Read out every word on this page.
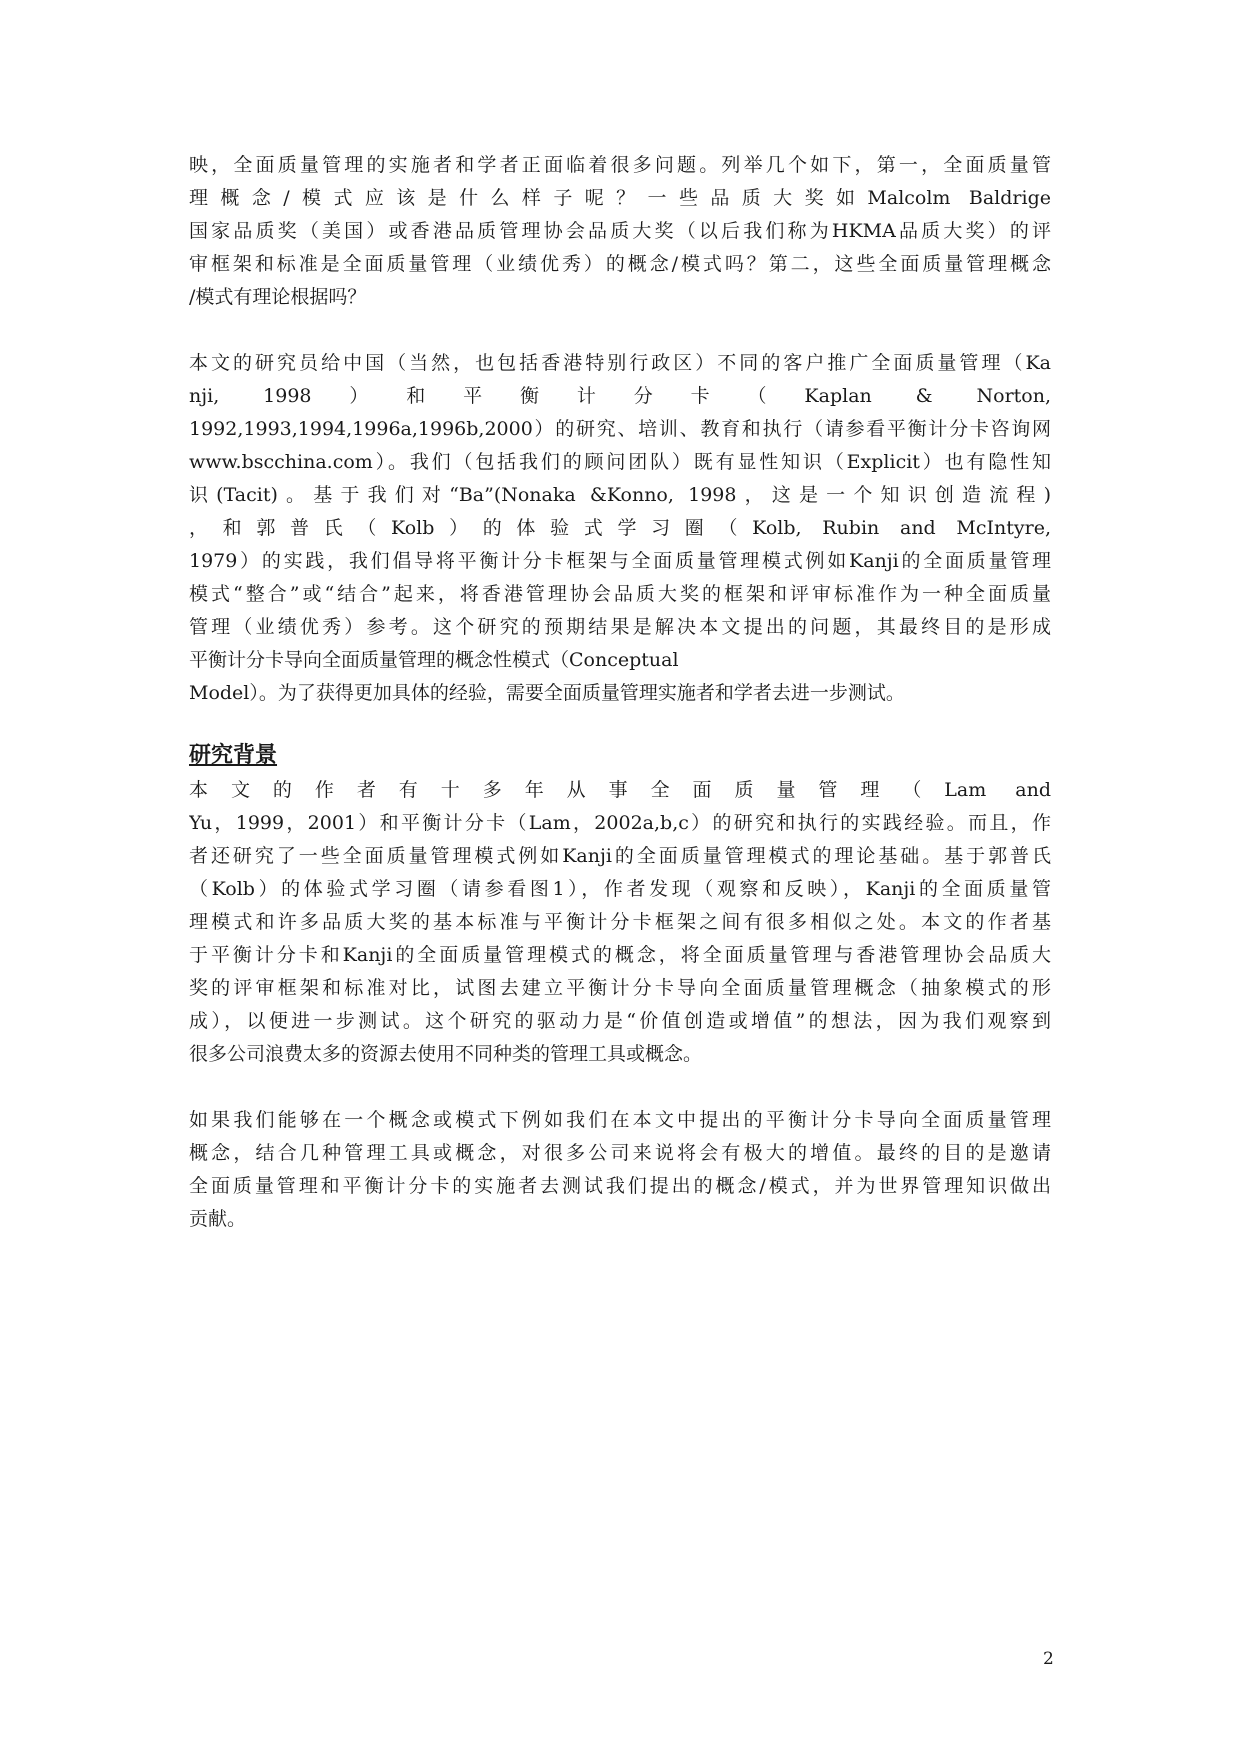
映，全面质量管理的实施者和学者正面临着很多问题。列举几个如下，第一，全面质量管
理概念/模式应该是什么样子呢？一些品质大奖如Malcolm Baldrige
国家品质奖（美国）或香港品质管理协会品质大奖（以后我们称为HKMA品质大奖）的评
审框架和标准是全面质量管理（业绩优秀）的概念/模式吗？第二，这些全面质量管理概念
/模式有理论根据吗？
本文的研究员给中国（当然，也包括香港特别行政区）不同的客户推广全面质量管理（Ka
nji, 1998）和平衡计分卡（Kaplan & Norton,
1992,1993,1994,1996a,1996b,2000）的研究、培训、教育和执行（请参看平衡计分卡咨询网
www.bscchina.com）。我们（包括我们的顾问团队）既有显性知识（Explicit）也有隐性知
识(Tacit)。基于我们对“Ba”(Nonaka &Konno, 1998，这是一个知识创造流程)
，和郭普氏（Kolb）的体验式学习圈（Kolb, Rubin and McIntyre,
1979）的实践，我们倡导将平衡计分卡框架与全面质量管理模式例如Kanji的全面质量管理
模式“整合”或“结合”起来，将香港管理协会品质大奖的框架和评审标准作为一种全面质量
管理（业绩优秀）参考。这个研究的预期结果是解决本文提出的问题，其最终目的是形成
平衡计分卡导向全面质量管理的概念性模式（Conceptual
Model）。为了获得更加具体的经验，需要全面质量管理实施者和学者去进一步测试。
研究背景
本文的作者有十多年从事全面质量管理（Lam and
Yu，1999，2001）和平衡计分卡（Lam，2002a,b,c）的研究和执行的实践经验。而且，作
者还研究了一些全面质量管理模式例如Kanji的全面质量管理模式的理论基础。基于郭普氏
（Kolb）的体验式学习圈（请参看图1），作者发现（观察和反映），Kanji的全面质量管
理模式和许多品质大奖的基本标准与平衡计分卡框架之间有很多相似之处。本文的作者基
于平衡计分卡和Kanji的全面质量管理模式的概念，将全面质量管理与香港管理协会品质大
奖的评审框架和标准对比，试图去建立平衡计分卡导向全面质量管理概念（抽象模式的形
成），以便进一步测试。这个研究的驱动力是“价值创造或增值”的想法，因为我们观察到
很多公司浪费太多的资源去使用不同种类的管理工具或概念。
如果我们能够在一个概念或模式下例如我们在本文中提出的平衡计分卡导向全面质量管理
概念，结合几种管理工具或概念，对很多公司来说将会有极大的增值。最终的目的是邀请
全面质量管理和平衡计分卡的实施者去测试我们提出的概念/模式，并为世界管理知识做出
贡献。
2
